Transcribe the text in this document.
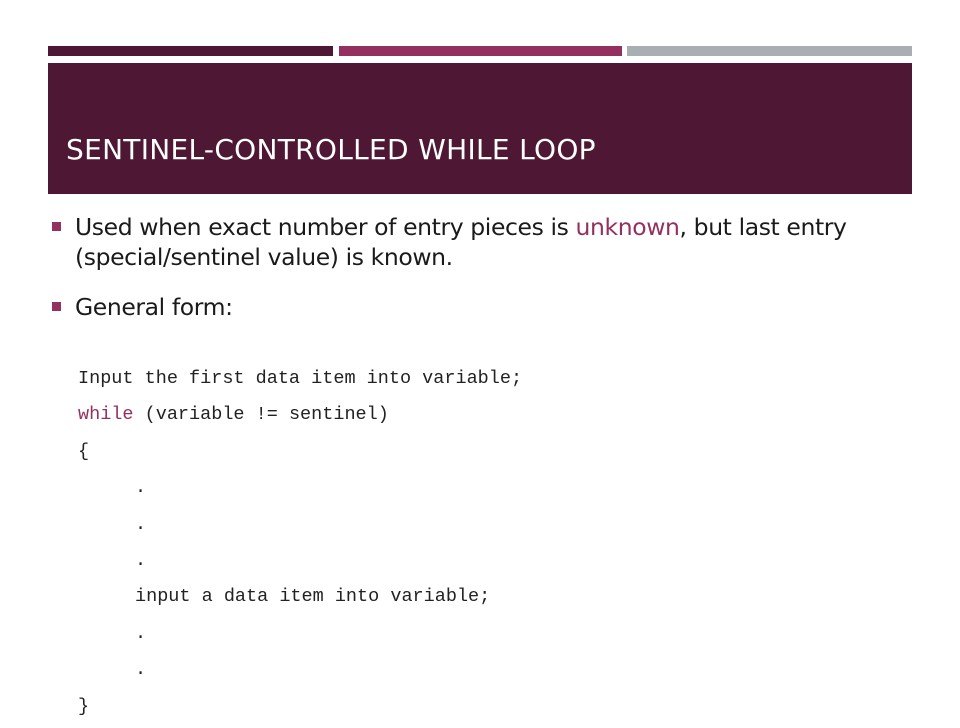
SENTINEL-CONTROLLED WHILE LOOP
Used when exact number of entry pieces is unknown, but last entry (special/sentinel value) is known.
General form:
Input the first data item into variable;
while (variable != sentinel)
{
.
.
.
input a data item into variable;
.
.
}
